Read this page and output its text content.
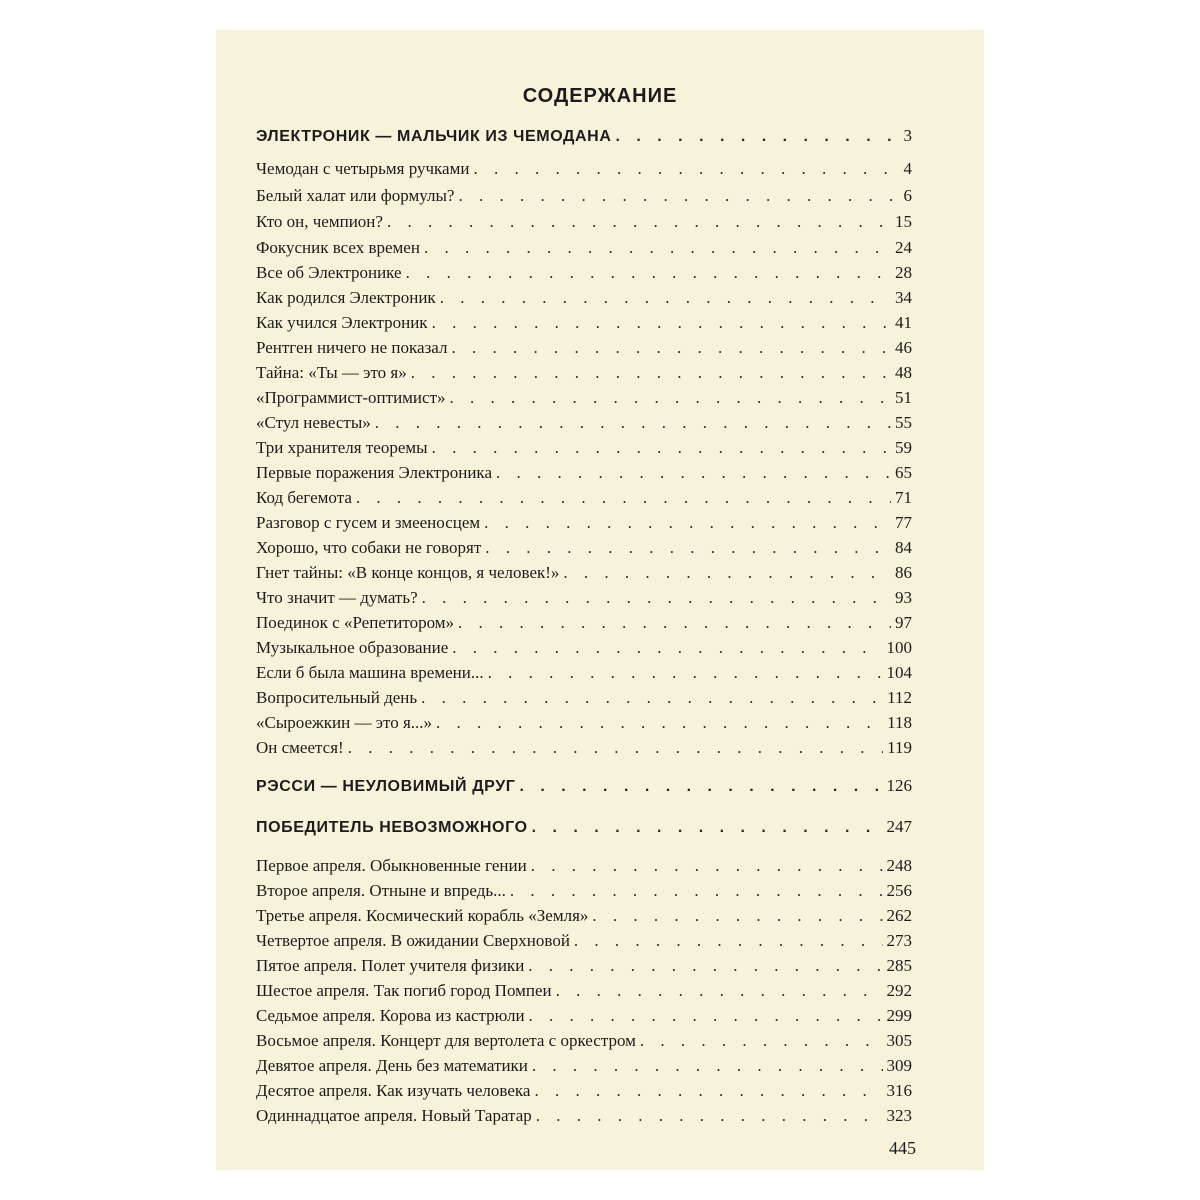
СОДЕРЖАНИЕ
ЭЛЕКТРОНИК — МАЛЬЧИК ИЗ ЧЕМОДАНА . . .	3
Чемодан с четырьмя ручками . . .	4
Белый халат или формулы? . . .	6
Кто он, чемпион? . . .	15
Фокусник всех времен . . .	24
Все об Электронике . . .	28
Как родился Электроник . . .	34
Как учился Электроник . . .	41
Рентген ничего не показал . . .	46
Тайна: «Ты — это я» . . .	48
«Программист-оптимист» . . .	51
«Стул невесты» . . .	55
Три хранителя теоремы . . .	59
Первые поражения Электроника . . .	65
Код бегемота . . .	71
Разговор с гусем и змееносцем . . .	77
Хорошо, что собаки не говорят . . .	84
Гнет тайны: «В конце концов, я человек!» . . .	86
Что значит — думать? . . .	93
Поединок с «Репетитором» . . .	97
Музыкальное образование . . .	100
Если б была машина времени... . . .	104
Вопросительный день . . .	112
«Сыроежкин — это я...» . . .	118
Он смеется! . . .	119
РЭССИ — НЕУЛОВИМЫЙ ДРУГ . . .	126
ПОБЕДИТЕЛЬ НЕВОЗМОЖНОГО . . .	247
Первое апреля. Обыкновенные гении . . .	248
Второе апреля. Отныне и впредь... . . .	256
Третье апреля. Космический корабль «Земля» . . .	262
Четвертое апреля. В ожидании Сверхновой . . .	273
Пятое апреля. Полет учителя физики . . .	285
Шестое апреля. Так погиб город Помпеи . . .	292
Седьмое апреля. Корова из кастрюли . . .	299
Восьмое апреля. Концерт для вертолета с оркестром . . .	305
Девятое апреля. День без математики . . .	309
Десятое апреля. Как изучать человека . . .	316
Одиннадцатое апреля. Новый Таратар . . .	323
445
